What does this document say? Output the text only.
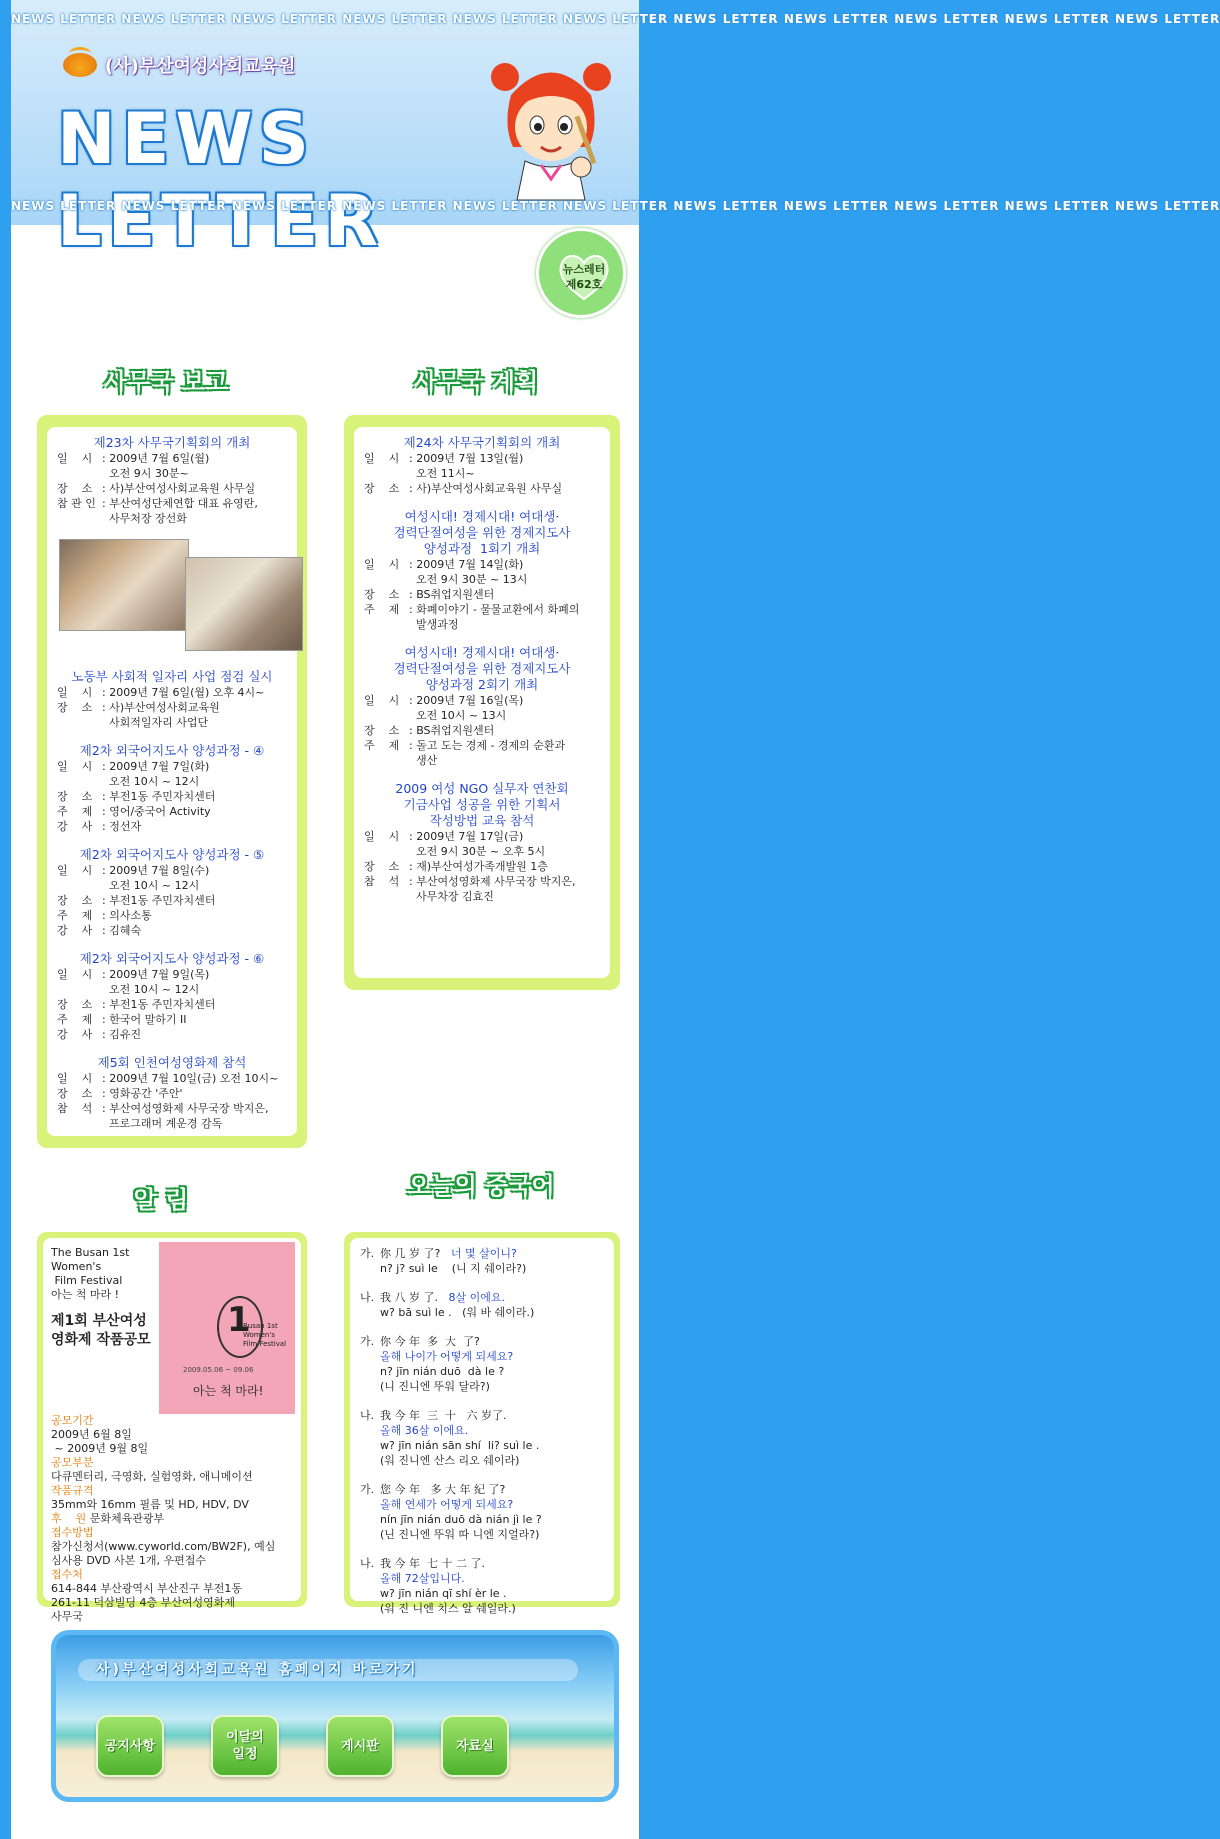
NEWS LETTER NEWS LETTER NEWS LETTER NEWS LETTER NEWS LETTER NEWS LETTER NEWS LETTER NEWS LETTER NEWS LETTER NEWS LETTER NEWS LETTER
(사)부산여성사회교육원
NEWS LETTER
NEWS LETTER NEWS LETTER NEWS LETTER NEWS LETTER NEWS LETTER NEWS LETTER NEWS LETTER NEWS LETTER NEWS LETTER NEWS LETTER NEWS LETTER
뉴스레터
제62호
사무국 보고	사무국 계획
제23차 사무국기획회의 개최
일    시 : 2009년 7월 6일(월)
오전 9시 30분~
장    소 : 사)부산여성사회교육원 사무실
참 관 인 : 부산여성단체연합 대표 유영란,
사무처장 장선화
노동부 사회적 일자리 사업 점검 실시
일    시 : 2009년 7월 6일(월) 오후 4시~
장    소 : 사)부산여성사회교육원
사회적일자리 사업단
제2차 외국어지도사 양성과정 - ④
일    시 : 2009년 7월 7일(화)
오전 10시 ~ 12시
장    소 : 부전1동 주민자치센터
주    제 : 영어/중국어 Activity
강    사 : 정선자
제2차 외국어지도사 양성과정 - ⑤
일    시 : 2009년 7월 8일(수)
오전 10시 ~ 12시
장    소 : 부전1동 주민자치센터
주    제 : 의사소통
강    사 : 김혜숙
제2차 외국어지도사 양성과정 - ⑥
일    시 : 2009년 7월 9일(목)
오전 10시 ~ 12시
장    소 : 부전1동 주민자치센터
주    제 : 한국어 말하기 II
강    사 : 김유진
제5회 인천여성영화제 참석
일    시 : 2009년 7월 10일(금) 오전 10시~
장    소 : 영화공간 '주안'
참    석 : 부산여성영화제 사무국장 박지은,
프로그래머 계운경 감독
제24차 사무국기획회의 개최
일    시 : 2009년 7월 13일(월)
오전 11시~
장    소 : 사)부산여성사회교육원 사무실
여성시대! 경제시대! 여대생·
경력단절여성을 위한 경제지도사
양성과정  1회기 개최
일    시 : 2009년 7월 14일(화)
오전 9시 30분 ~ 13시
장    소 : BS취업지원센터
주    제 : 화폐이야기 - 물물교환에서 화폐의
발생과정
여성시대! 경제시대! 여대생·
경력단절여성을 위한 경제지도사
양성과정 2회기 개최
일    시 : 2009년 7월 16일(목)
오전 10시 ~ 13시
장    소 : BS취업지원센터
주    제 : 돌고 도는 경제 - 경제의 순환과
생산
2009 여성 NGO 실무자 연찬회
기금사업 성공을 위한 기획서
작성방법 교육 참석
일    시 : 2009년 7월 17일(금)
오전 9시 30분 ~ 오후 5시
장    소 : 재)부산여성가족개발원 1층
참    석 : 부산여성영화제 사무국장 박지은,
사무차장 김효진
알 림	오늘의 중국어
The Busan 1st
Women's
Film Festival
아는 척 마라 !
제1회 부산여성
영화제 작품공모 1
Busan 1st
Women's
Film Festival
2009.05.06 ~ 09.06
아는 척 마라!
공모기간
2009년 6월 8일
~ 2009년 9월 8일
공모부분
다큐멘터리, 극영화, 실험영화, 애니메이션
작품규격
35mm와 16mm 필름 및 HD, HDV, DV
후    원 문화체육관광부
접수방법
참가신청서(www.cyworld.com/BW2F), 예심
심사용 DVD 사본 1개, 우편접수
접수처
614-844 부산광역시 부산진구 부전1동
261-11 덕삼빌딩 4층 부산여성영화제
사무국
가. 你 几 岁 了?   너 몇 살이니?
n? j? suì le    (니 지 쉐이라?)
나. 我 八 岁 了.   8살 이에요.
w? bā suì le .   (워 바 쉐이라.)
가. 你 今 年  多  大  了?
올해 나이가 어떻게 되세요?
n? jīn nián duō  dà le ?
(니 진니엔 뚜워 달라?)
나. 我 今 年  三  十   六 岁了.
올해 36살 이에요.
w? jīn nián sān shí  li? suì le .
(워 진니엔 산스 리오 쉐이라)
가. 您 今 年   多 大 年 紀 了?
올해 연세가 어떻게 되세요?
nín jīn nián duō dà nián jì le ?
(닌 진니엔 뚜워 따 니엔 지얼라?)
나. 我 今 年  七 十 二 了.
올해 72살입니다.
w? jīn nián qī shí èr le .
(워 진 니엔 치스 알 쉐일라.)
사)부산여성사회교육원 홈페이지 바로가기
공지사항
이달의
일정
게시판	자료실
